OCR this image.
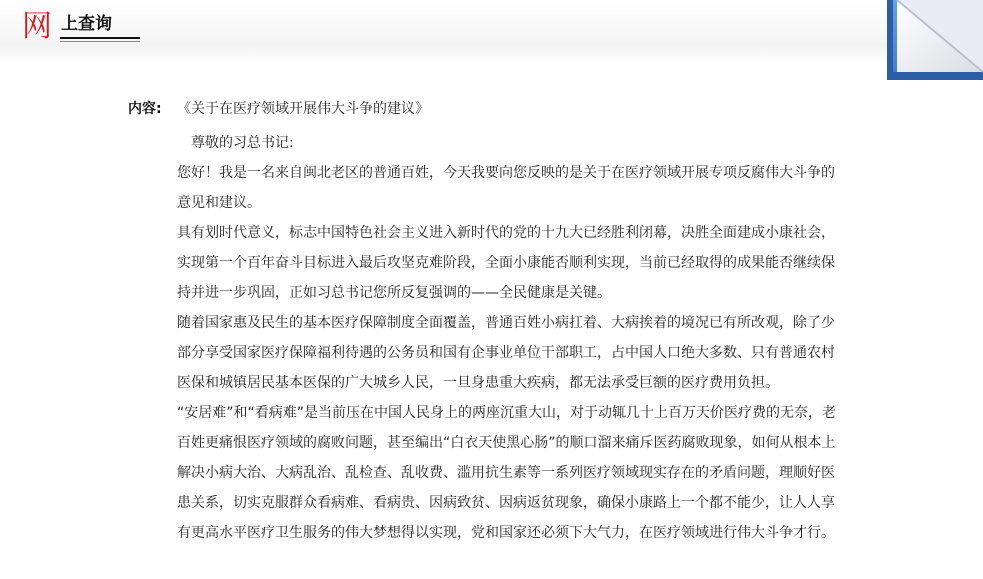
网 上查询
内容: 《关于在医疗领域开展伟大斗争的建议》

尊敬的习总书记:

您好！我是一名来自闽北老区的普通百姓，今天我要向您反映的是关于在医疗领域开展专项反腐伟大斗争的意见和建议。

具有划时代意义，标志中国特色社会主义进入新时代的党的十九大已经胜利闭幕，决胜全面建成小康社会，实现第一个百年奋斗目标进入最后攻坚克难阶段，全面小康能否顺利实现，当前已经取得的成果能否继续保持并进一步巩固，正如习总书记您所反复强调的——全民健康是关键。

随着国家惠及民生的基本医疗保障制度全面覆盖，普通百姓小病扛着、大病挨着的境况已有所改观，除了少部分享受国家医疗保障福利待遇的公务员和国有企事业单位干部职工，占中国人口绝大多数、只有普通农村医保和城镇居民基本医保的广大城乡人民，一旦身患重大疾病，都无法承受巨额的医疗费用负担。

“安居难”和“看病难”是当前压在中国人民身上的两座沉重大山，对于动辄几十上百万天价医疗费的无奈，老百姓更痛恨医疗领域的腐败问题，甚至编出“白衣天使黑心肠”的顺口溜来痛斥医药腐败现象，如何从根本上解决小病大治、大病乱治、乱检查、乱收费、滥用抗生素等一系列医疗领域现实存在的矛盾问题，理顺好医患关系，切实克服群众看病难、看病贵、因病致贫、因病返贫现象，确保小康路上一个都不能少，让人人享有更高水平医疗卫生服务的伟大梦想得以实现，党和国家还必须下大气力，在医疗领域进行伟大斗争才行。
